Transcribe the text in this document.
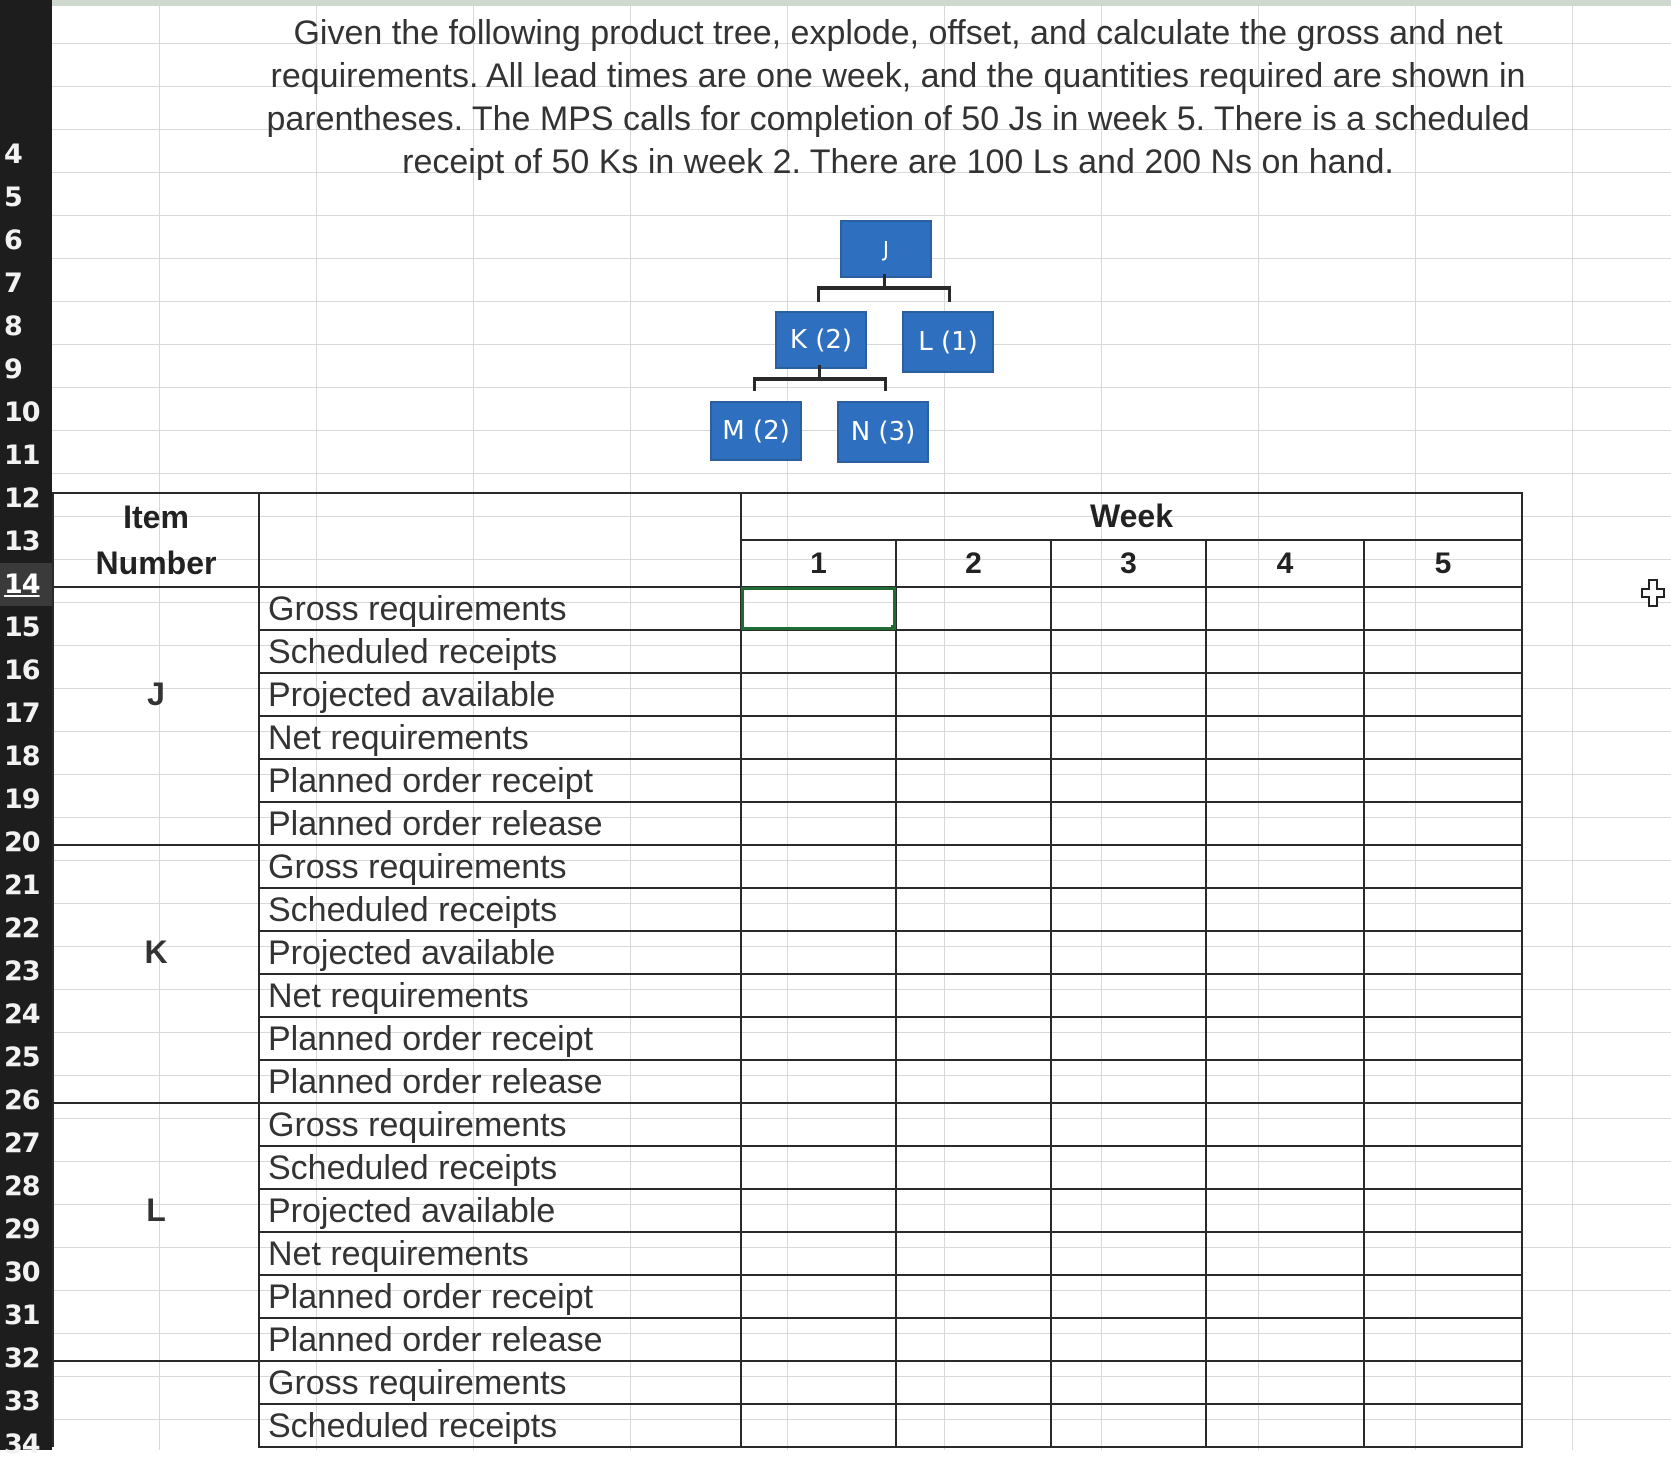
4
5
6
7
8
9
10
11
12
13
14
15
16
17
18
19
20
21
22
23
24
25
26
27
28
29
30
31
32
33
34
Given the following product tree, explode, offset, and calculate the gross and net requirements. All lead times are one week, and the quantities required are shown in parentheses. The MPS calls for completion of 50 Js in week 5. There is a scheduled receipt of 50 Ks in week 2. There are 100 Ls and 200 Ns on hand.
J
K (2)	L (1)
M (2)	N (3)
Item
Number		Week				
		1	2	3	4	5
	Gross requirements					
	Scheduled receipts					
J	Projected available					
	Net requirements					
	Planned order receipt					
	Planned order release					
	Gross requirements					
	Scheduled receipts					
K	Projected available					
	Net requirements					
	Planned order receipt					
	Planned order release					
	Gross requirements					
	Scheduled receipts					
L	Projected available					
	Net requirements					
	Planned order receipt					
	Planned order release					
	Gross requirements					
	Scheduled receipts					
